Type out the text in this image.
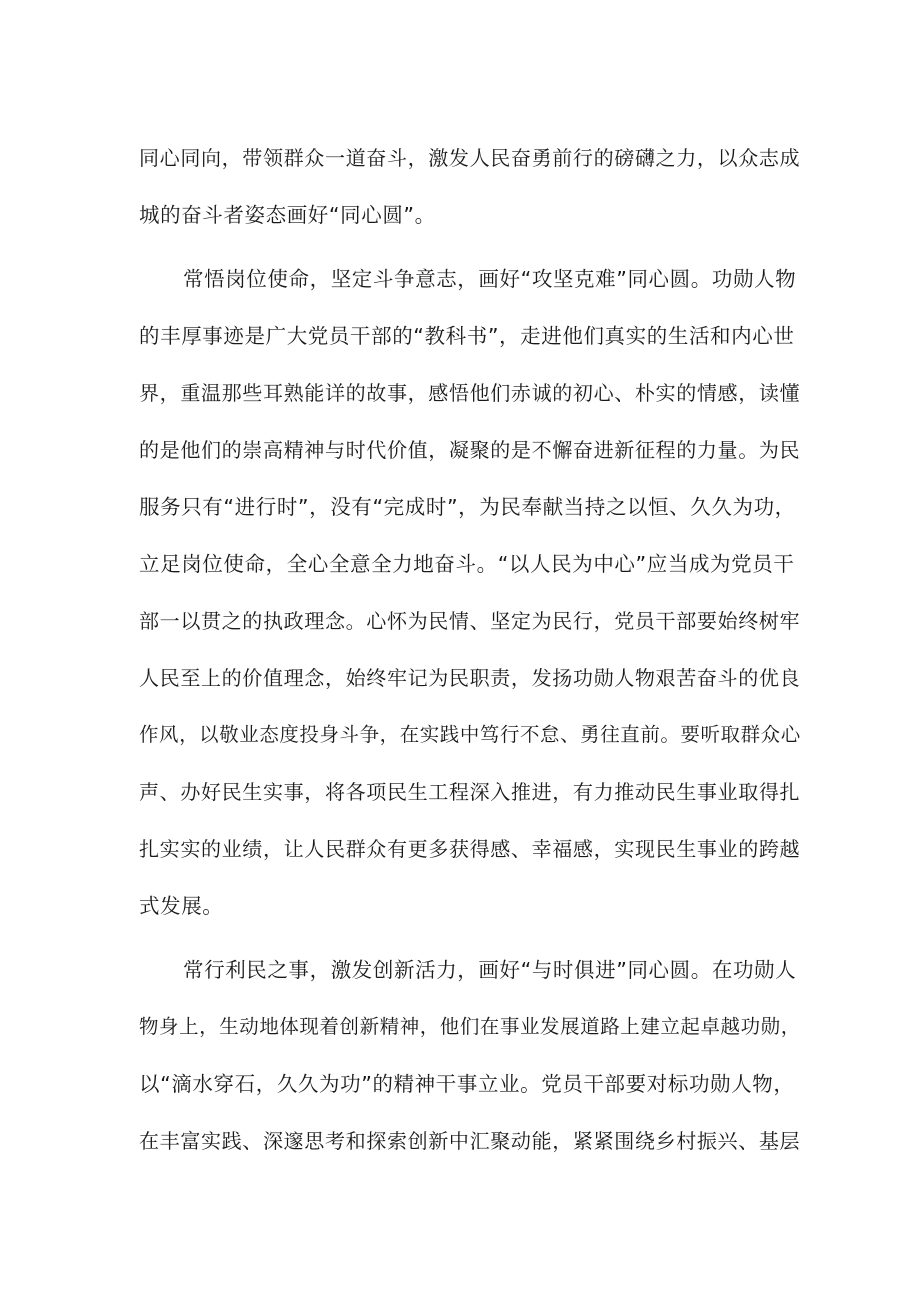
同心同向，带领群众一道奋斗，激发人民奋勇前行的磅礴之力，以众志成
城的奋斗者姿态画好“同心圆”。
常悟岗位使命，坚定斗争意志，画好“攻坚克难”同心圆。功勋人物
的丰厚事迹是广大党员干部的“教科书”，走进他们真实的生活和内心世
界，重温那些耳熟能详的故事，感悟他们赤诚的初心、朴实的情感，读懂
的是他们的崇高精神与时代价值，凝聚的是不懈奋进新征程的力量。为民
服务只有“进行时”，没有“完成时”，为民奉献当持之以恒、久久为功，
立足岗位使命，全心全意全力地奋斗。“以人民为中心”应当成为党员干
部一以贯之的执政理念。心怀为民情、坚定为民行，党员干部要始终树牢
人民至上的价值理念，始终牢记为民职责，发扬功勋人物艰苦奋斗的优良
作风，以敬业态度投身斗争，在实践中笃行不怠、勇往直前。要听取群众心
声、办好民生实事，将各项民生工程深入推进，有力推动民生事业取得扎
扎实实的业绩，让人民群众有更多获得感、幸福感，实现民生事业的跨越
式发展。
常行利民之事，激发创新活力，画好“与时俱进”同心圆。在功勋人
物身上，生动地体现着创新精神，他们在事业发展道路上建立起卓越功勋，
以“滴水穿石，久久为功”的精神干事立业。党员干部要对标功勋人物，
在丰富实践、深邃思考和探索创新中汇聚动能，紧紧围绕乡村振兴、基层
